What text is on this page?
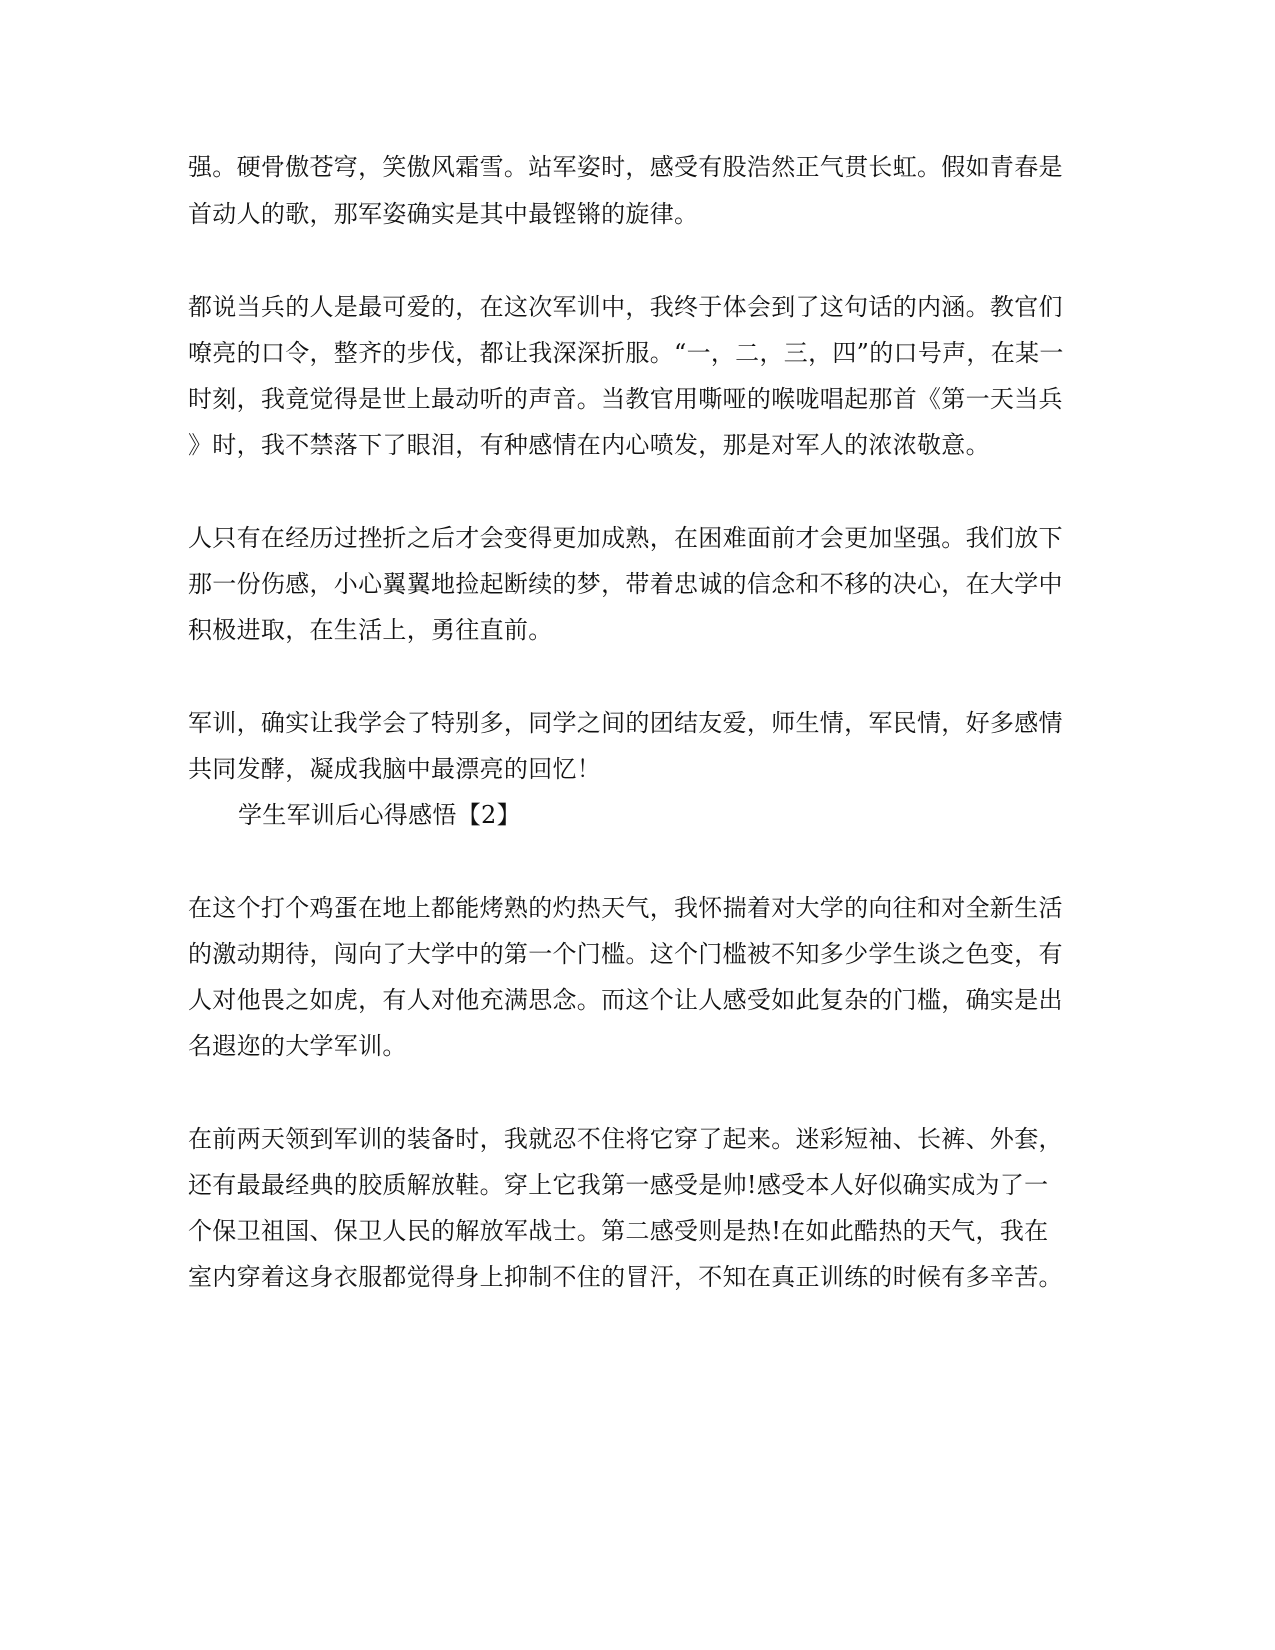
强。硬骨傲苍穹，笑傲风霜雪。站军姿时，感受有股浩然正气贯长虹。假如青春是
首动人的歌，那军姿确实是其中最铿锵的旋律。
都说当兵的人是最可爱的，在这次军训中，我终于体会到了这句话的内涵。教官们
嘹亮的口令，整齐的步伐，都让我深深折服。“一，二，三，四”的口号声，在某一
时刻，我竟觉得是世上最动听的声音。当教官用嘶哑的喉咙唱起那首《第一天当兵
》时，我不禁落下了眼泪，有种感情在内心喷发，那是对军人的浓浓敬意。
人只有在经历过挫折之后才会变得更加成熟，在困难面前才会更加坚强。我们放下
那一份伤感，小心翼翼地捡起断续的梦，带着忠诚的信念和不移的决心，在大学中
积极进取，在生活上，勇往直前。
军训，确实让我学会了特别多，同学之间的团结友爱，师生情，军民情，好多感情
共同发酵，凝成我脑中最漂亮的回忆！
学生军训后心得感悟【2】
在这个打个鸡蛋在地上都能烤熟的灼热天气，我怀揣着对大学的向往和对全新生活
的激动期待，闯向了大学中的第一个门槛。这个门槛被不知多少学生谈之色变，有
人对他畏之如虎，有人对他充满思念。而这个让人感受如此复杂的门槛，确实是出
名遐迩的大学军训。
在前两天领到军训的装备时，我就忍不住将它穿了起来。迷彩短袖、长裤、外套，
还有最最经典的胶质解放鞋。穿上它我第一感受是帅!感受本人好似确实成为了一
个保卫祖国、保卫人民的解放军战士。第二感受则是热!在如此酷热的天气，我在
室内穿着这身衣服都觉得身上抑制不住的冒汗，不知在真正训练的时候有多辛苦。
